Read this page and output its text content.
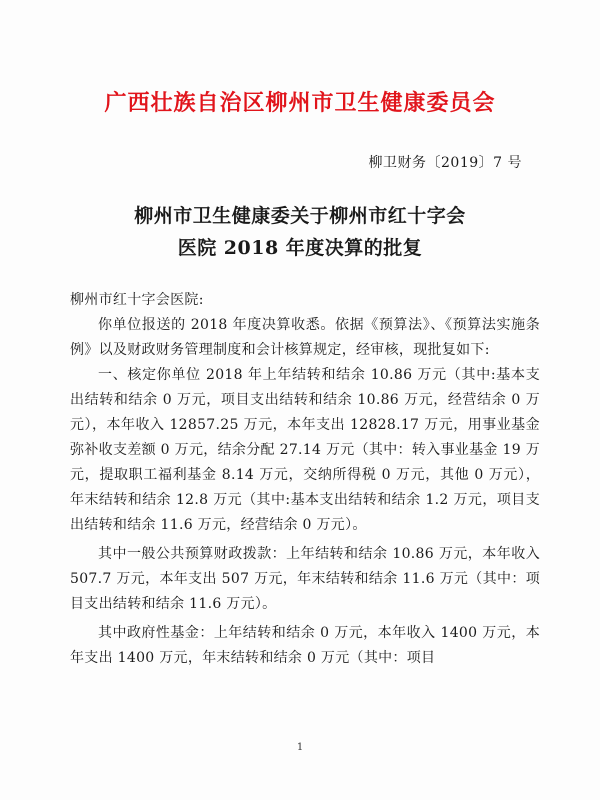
广西壮族自治区柳州市卫生健康委员会
柳卫财务〔2019〕7 号
柳州市卫生健康委关于柳州市红十字会
医院 2018 年度决算的批复

柳州市红十字会医院:

你单位报送的 2018 年度决算收悉。依据《预算法》、《预算法实施条例》以及财政财务管理制度和会计核算规定，经审核，现批复如下:

一、核定你单位 2018 年上年结转和结余 10.86 万元（其中:基本支出结转和结余 0 万元，项目支出结转和结余 10.86 万元，经营结余 0 万元），本年收入 12857.25 万元，本年支出 12828.17 万元，用事业基金弥补收支差额 0 万元，结余分配 27.14 万元（其中：转入事业基金 19 万元，提取职工福利基金 8.14 万元，交纳所得税 0 万元，其他 0 万元），年末结转和结余 12.8 万元（其中:基本支出结转和结余 1.2 万元，项目支出结转和结余 11.6 万元，经营结余 0 万元）。

其中一般公共预算财政拨款：上年结转和结余 10.86 万元，本年收入 507.7 万元，本年支出 507 万元，年末结转和结余 11.6 万元（其中：项目支出结转和结余 11.6 万元）。

其中政府性基金：上年结转和结余 0 万元，本年收入 1400 万元，本年支出 1400 万元，年末结转和结余 0 万元（其中：项目

1
